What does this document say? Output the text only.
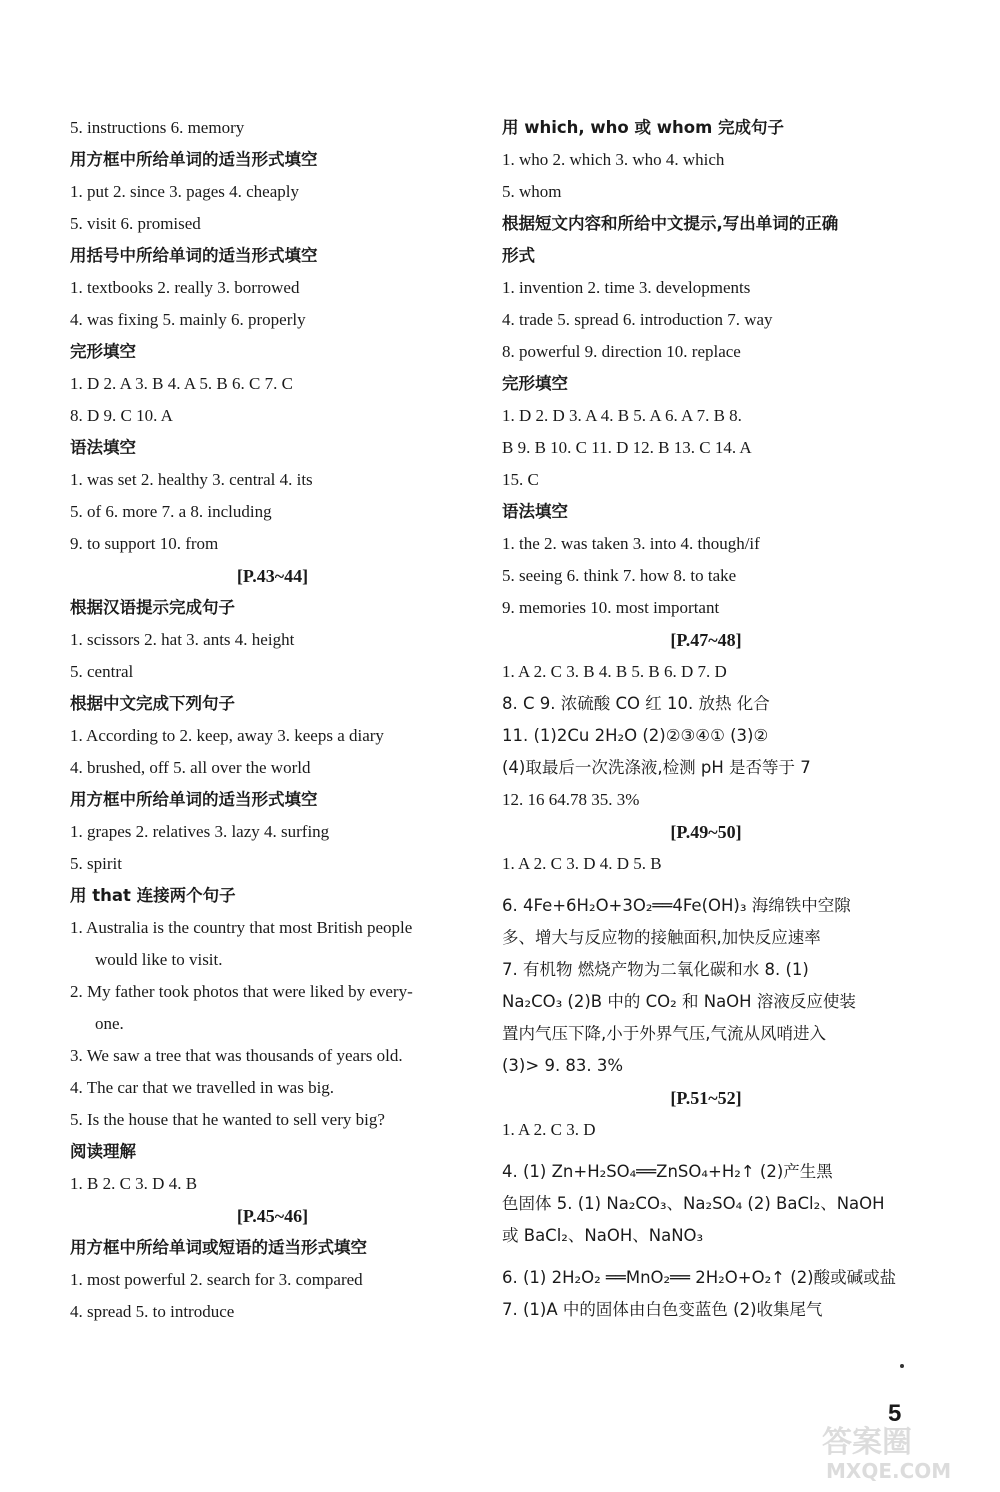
5. instructions 6. memory
用方框中所给单词的适当形式填空
1. put 2. since 3. pages 4. cheaply
5. visit 6. promised
用括号中所给单词的适当形式填空
1. textbooks 2. really 3. borrowed
4. was fixing 5. mainly 6. properly
完形填空
1. D 2. A 3. B 4. A 5. B 6. C 7. C
8. D 9. C 10. A
语法填空
1. was set 2. healthy 3. central 4. its
5. of 6. more 7. a 8. including
9. to support 10. from
[P.43~44]
根据汉语提示完成句子
1. scissors 2. hat 3. ants 4. height
5. central
根据中文完成下列句子
1. According to 2. keep, away 3. keeps a diary
4. brushed, off 5. all over the world
用方框中所给单词的适当形式填空
1. grapes 2. relatives 3. lazy 4. surfing
5. spirit
用 that 连接两个句子
1. Australia is the country that most British people
would like to visit.
2. My father took photos that were liked by every-
one.
3. We saw a tree that was thousands of years old.
4. The car that we travelled in was big.
5. Is the house that he wanted to sell very big?
阅读理解
1. B 2. C 3. D 4. B
[P.45~46]
用方框中所给单词或短语的适当形式填空
1. most powerful 2. search for 3. compared
4. spread 5. to introduce
用 which, who 或 whom 完成句子
1. who 2. which 3. who 4. which
5. whom
根据短文内容和所给中文提示,写出单词的正确
形式
1. invention 2. time 3. developments
4. trade 5. spread 6. introduction 7. way
8. powerful 9. direction 10. replace
完形填空
1. D 2. D 3. A 4. B 5. A 6. A 7. B 8.
B 9. B 10. C 11. D 12. B 13. C 14. A
15. C
语法填空
1. the 2. was taken 3. into 4. though/if
5. seeing 6. think 7. how 8. to take
9. memories 10. most important
[P.47~48]
1. A 2. C 3. B 4. B 5. B 6. D 7. D
8. C 9. 浓硫酸 CO 红 10. 放热 化合
11. (1)2Cu 2H₂O (2)②③④① (3)②
(4)取最后一次洗涤液,检测 pH 是否等于 7
12. 16 64.78 35. 3%
[P.49~50]
1. A 2. C 3. D 4. D 5. B
6. 4Fe+6H₂O+3O₂══4Fe(OH)₃ 海绵铁中空隙
多、增大与反应物的接触面积,加快反应速率
7. 有机物 燃烧产物为二氧化碳和水 8. (1)
Na₂CO₃ (2)B 中的 CO₂ 和 NaOH 溶液反应使装
置内气压下降,小于外界气压,气流从风哨进入
(3)> 9. 83. 3%
[P.51~52]
1. A 2. C 3. D
4. (1) Zn+H₂SO₄══ZnSO₄+H₂↑ (2)产生黑
色固体 5. (1) Na₂CO₃、Na₂SO₄ (2) BaCl₂、NaOH
或 BaCl₂、NaOH、NaNO₃
6. (1) 2H₂O₂ ══MnO₂══ 2H₂O+O₂↑ (2)酸或碱或盐
7. (1)A 中的固体由白色变蓝色 (2)收集尾气
5
答案圈
MXQE.COM
